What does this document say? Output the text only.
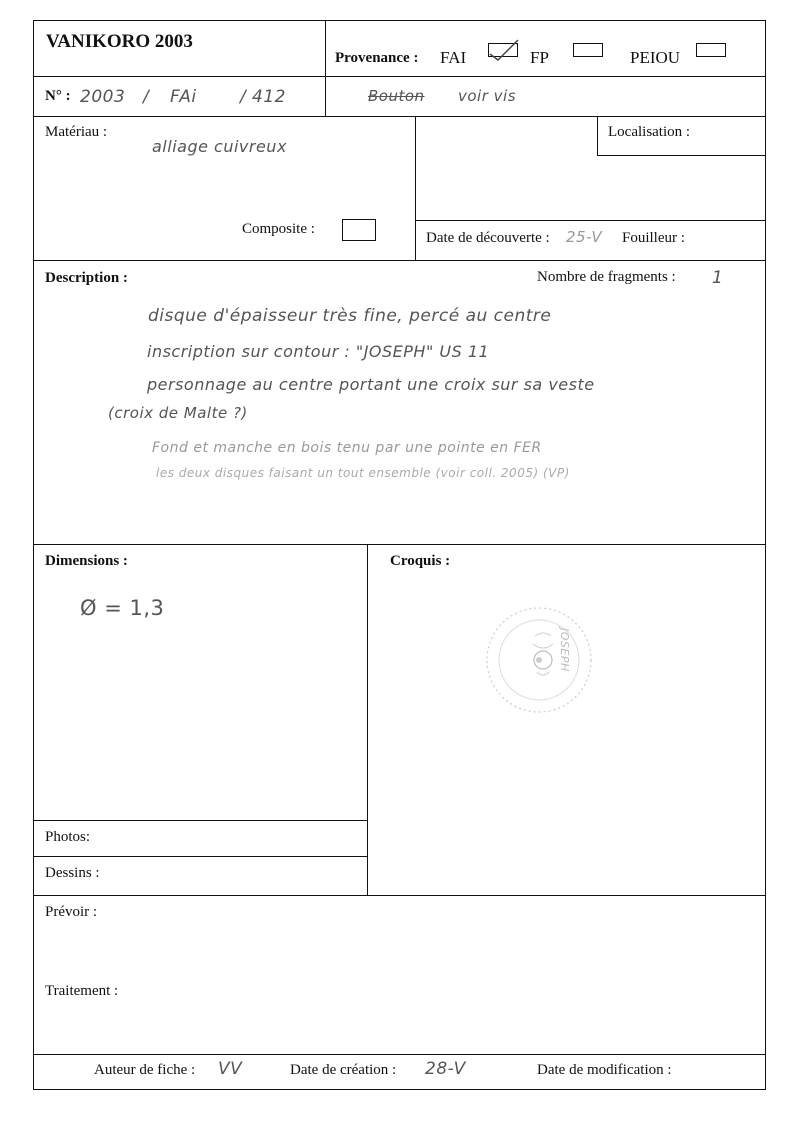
VANIKORO 2003
Provenance : FAI	FP	PEIOU
N° : 2003 / FAi	/ 412	Bouton voir vis
Matériau :
alliage cuivreux
Composite :
Localisation :
Date de découverte : 25-V Fouilleur :
Description :	Nombre de fragments : 1
disque d'épaisseur très fine, percé au centre
inscription sur contour : "JOSEPH" US 11
personnage au centre portant une croix sur sa veste
(croix de Malte ?)
Fond et manche en bois tenu par une pointe en FER
les deux disques faisant un tout ensemble (voir coll. 2005) (VP)
Dimensions :
Ø = 1,3
Croquis :
JOSEPH
Photos:
Dessins :
Prévoir :
Traitement :
Auteur de fiche : VV	Date de création : 28-V	Date de modification :
